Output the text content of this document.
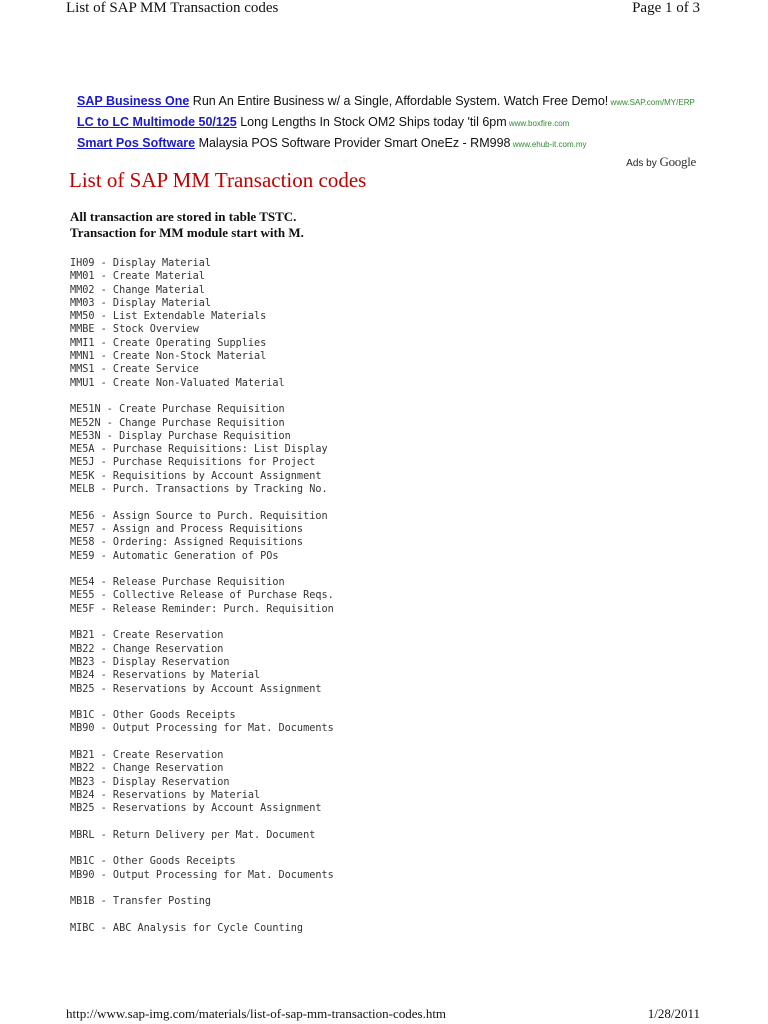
List of SAP MM Transaction codes	Page 1 of 3
SAP Business One Run An Entire Business w/ a Single, Affordable System. Watch Free Demo! www.SAP.com/MY/ERP
LC to LC Multimode 50/125 Long Lengths In Stock OM2 Ships today 'til 6pm www.boxfire.com
Smart Pos Software Malaysia POS Software Provider Smart OneEz - RM998 www.ehub-it.com.my
Ads by Google
List of SAP MM Transaction codes
All transaction are stored in table TSTC.
Transaction for MM module start with M.
IH09 - Display Material
MM01 - Create Material
MM02 - Change Material
MM03 - Display Material
MM50 - List Extendable Materials
MMBE - Stock Overview
MMI1 - Create Operating Supplies
MMN1 - Create Non-Stock Material
MMS1 - Create Service
MMU1 - Create Non-Valuated Material
ME51N - Create Purchase Requisition
ME52N - Change Purchase Requisition
ME53N - Display Purchase Requisition
ME5A - Purchase Requisitions: List Display
ME5J - Purchase Requisitions for Project
ME5K - Requisitions by Account Assignment
MELB - Purch. Transactions by Tracking No.
ME56 - Assign Source to Purch. Requisition
ME57 - Assign and Process Requisitions
ME58 - Ordering: Assigned Requisitions
ME59 - Automatic Generation of POs
ME54 - Release Purchase Requisition
ME55 - Collective Release of Purchase Reqs.
ME5F - Release Reminder: Purch. Requisition
MB21 - Create Reservation
MB22 - Change Reservation
MB23 - Display Reservation
MB24 - Reservations by Material
MB25 - Reservations by Account Assignment
MB1C - Other Goods Receipts
MB90 - Output Processing for Mat. Documents
MB21 - Create Reservation
MB22 - Change Reservation
MB23 - Display Reservation
MB24 - Reservations by Material
MB25 - Reservations by Account Assignment
MBRL - Return Delivery per Mat. Document
MB1C - Other Goods Receipts
MB90 - Output Processing for Mat. Documents
MB1B - Transfer Posting
MIBC - ABC Analysis for Cycle Counting
http://www.sap-img.com/materials/list-of-sap-mm-transaction-codes.htm	1/28/2011
